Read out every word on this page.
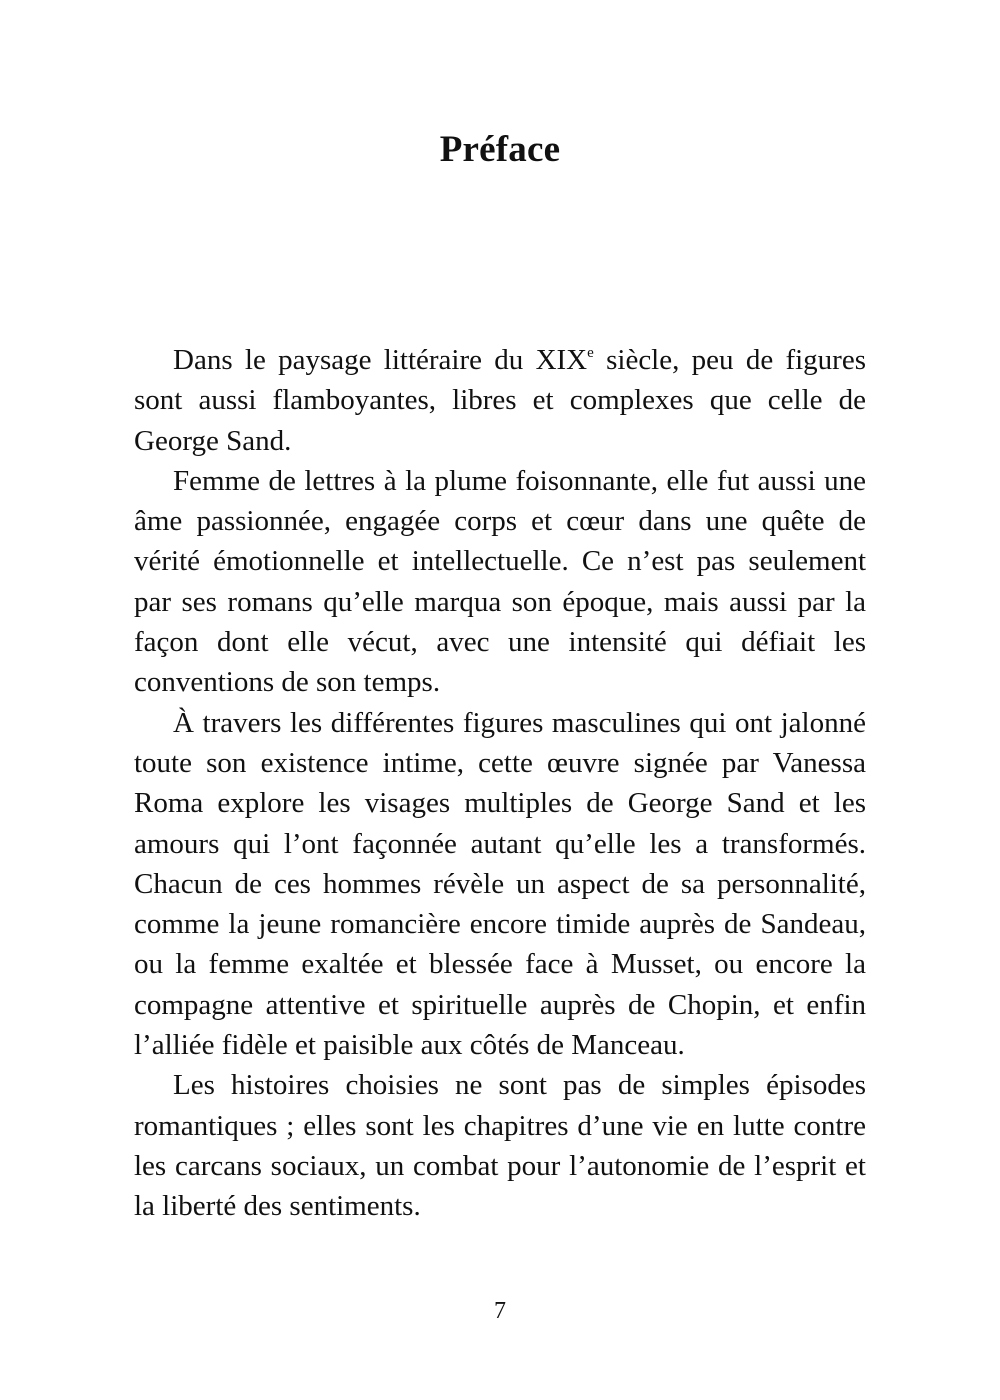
Préface

Dans le paysage littéraire du XIXe siècle, peu de figures sont aussi flamboyantes, libres et complexes que celle de George Sand.

Femme de lettres à la plume foisonnante, elle fut aussi une âme passionnée, engagée corps et cœur dans une quête de vérité émotionnelle et intellectuelle. Ce n’est pas seulement par ses romans qu’elle marqua son époque, mais aussi par la façon dont elle vécut, avec une intensité qui défiait les conventions de son temps.

À travers les différentes figures masculines qui ont jalonné toute son existence intime, cette œuvre signée par Vanessa Roma explore les visages multiples de George Sand et les amours qui l’ont façonnée autant qu’elle les a transformés. Chacun de ces hommes révèle un aspect de sa personnalité, comme la jeune romancière encore timide auprès de Sandeau, ou la femme exaltée et blessée face à Musset, ou encore la compagne attentive et spirituelle auprès de Chopin, et enfin l’alliée fidèle et paisible aux côtés de Manceau.

Les histoires choisies ne sont pas de simples épisodes romantiques ; elles sont les chapitres d’une vie en lutte contre les carcans sociaux, un combat pour l’autonomie de l’esprit et la liberté des sentiments.

7
